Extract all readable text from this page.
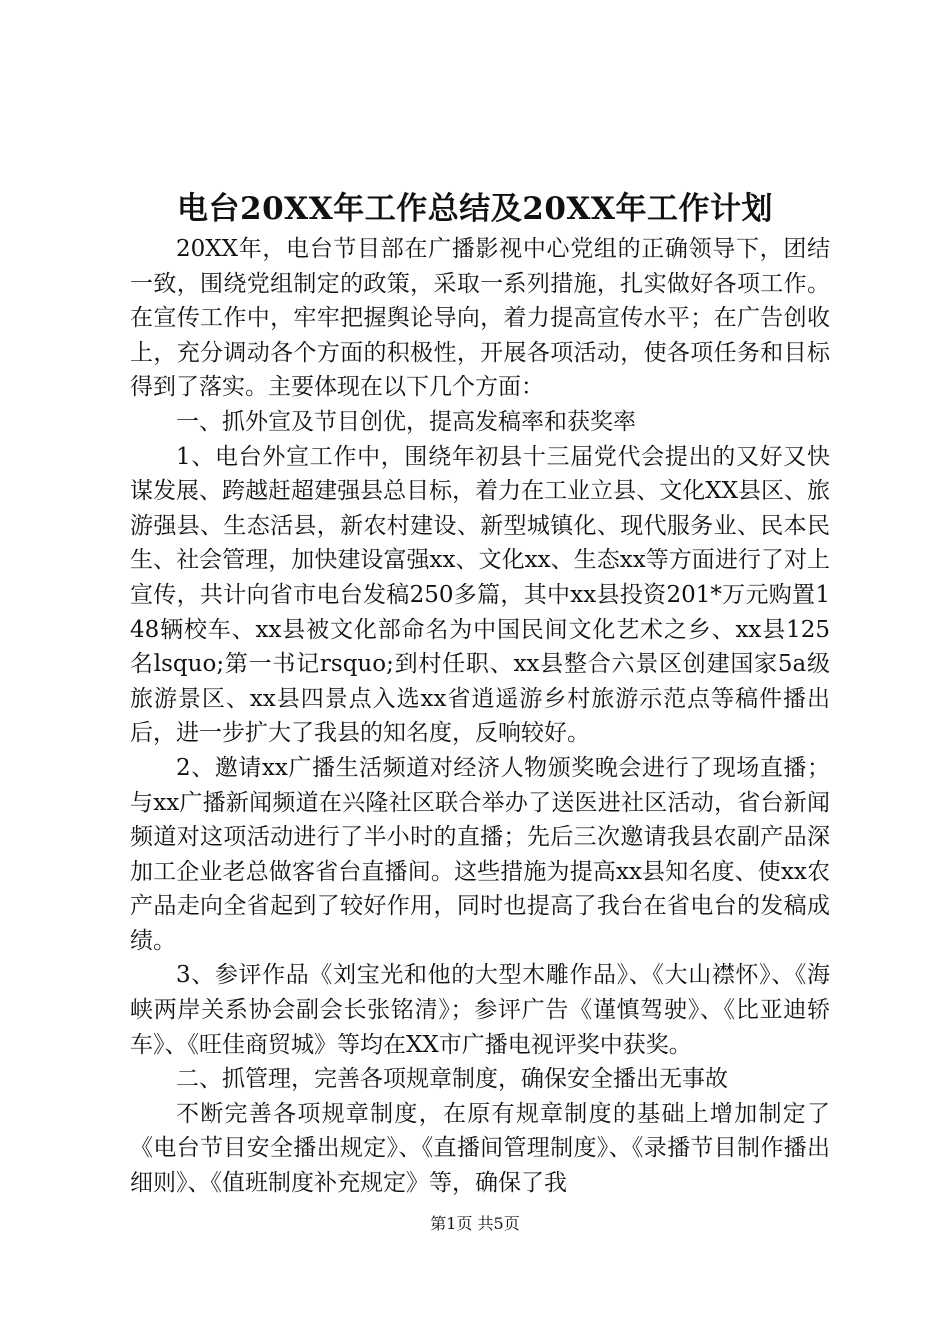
电台20XX年工作总结及20XX年工作计划

20XX年，电台节目部在广播影视中心党组的正确领导下，团结一致，围绕党组制定的政策，采取一系列措施，扎实做好各项工作。在宣传工作中，牢牢把握舆论导向，着力提高宣传水平；在广告创收上，充分调动各个方面的积极性，开展各项活动，使各项任务和目标得到了落实。主要体现在以下几个方面：

一、抓外宣及节目创优，提高发稿率和获奖率

1、电台外宣工作中，围绕年初县十三届党代会提出的又好又快谋发展、跨越赶超建强县总目标，着力在工业立县、文化XX县区、旅游强县、生态活县，新农村建设、新型城镇化、现代服务业、民本民生、社会管理，加快建设富强xx、文化xx、生态xx等方面进行了对上宣传，共计向省市电台发稿250多篇，其中xx县投资201*万元购置148辆校车、xx县被文化部命名为中国民间文化艺术之乡、xx县125名lsquo;第一书记rsquo;到村任职、xx县整合六景区创建国家5a级旅游景区、xx县四景点入选xx省逍遥游乡村旅游示范点等稿件播出后，进一步扩大了我县的知名度，反响较好。

2、邀请xx广播生活频道对经济人物颁奖晚会进行了现场直播；与xx广播新闻频道在兴隆社区联合举办了送医进社区活动，省台新闻频道对这项活动进行了半小时的直播；先后三次邀请我县农副产品深加工企业老总做客省台直播间。这些措施为提高xx县知名度、使xx农产品走向全省起到了较好作用，同时也提高了我台在省电台的发稿成绩。

3、参评作品《刘宝光和他的大型木雕作品》、《大山襟怀》、《海峡两岸关系协会副会长张铭清》；参评广告《谨慎驾驶》、《比亚迪轿车》、《旺佳商贸城》等均在XX市广播电视评奖中获奖。

二、抓管理，完善各项规章制度，确保安全播出无事故

不断完善各项规章制度，在原有规章制度的基础上增加制定了《电台节目安全播出规定》、《直播间管理制度》、《录播节目制作播出细则》、《值班制度补充规定》等，确保了我

第1页 共5页
